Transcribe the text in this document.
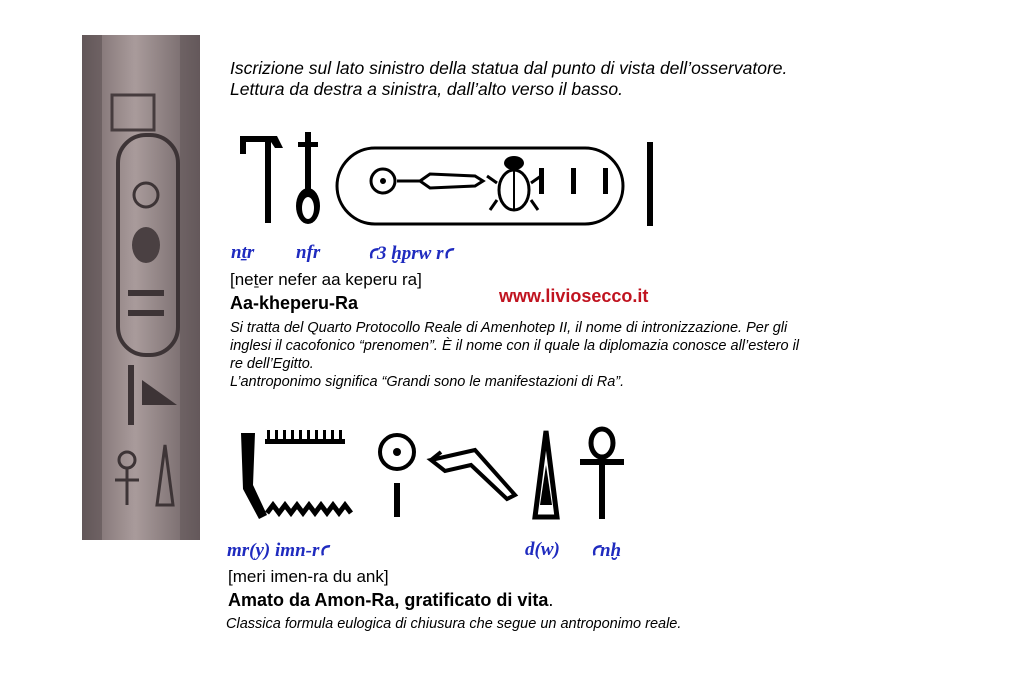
Iscrizione sul lato sinistro della statua dal punto di vista dell’osservatore.
Lettura da destra a sinistra, dall’alto verso il basso.
nṯr nfr	ꜥ3 ḫprw rꜥ
[neṯer nefer aa keperu ra]
Aa-kheperu-Ra	www.liviosecco.it
Si tratta del Quarto Protocollo Reale di Amenhotep II, il nome di intronizzazione. Per gli
inglesi il cacofonico “prenomen”. È il nome con il quale la diplomazia conosce all’estero il
re dell’Egitto.
L’antroponimo significa “Grandi sono le manifestazioni di Ra”.
mr(y) imn-rꜥ	d(w) ꜥnḫ
[meri imen-ra du ank]
Amato da Amon-Ra, gratificato di vita.
Classica formula eulogica di chiusura che segue un antroponimo reale.
